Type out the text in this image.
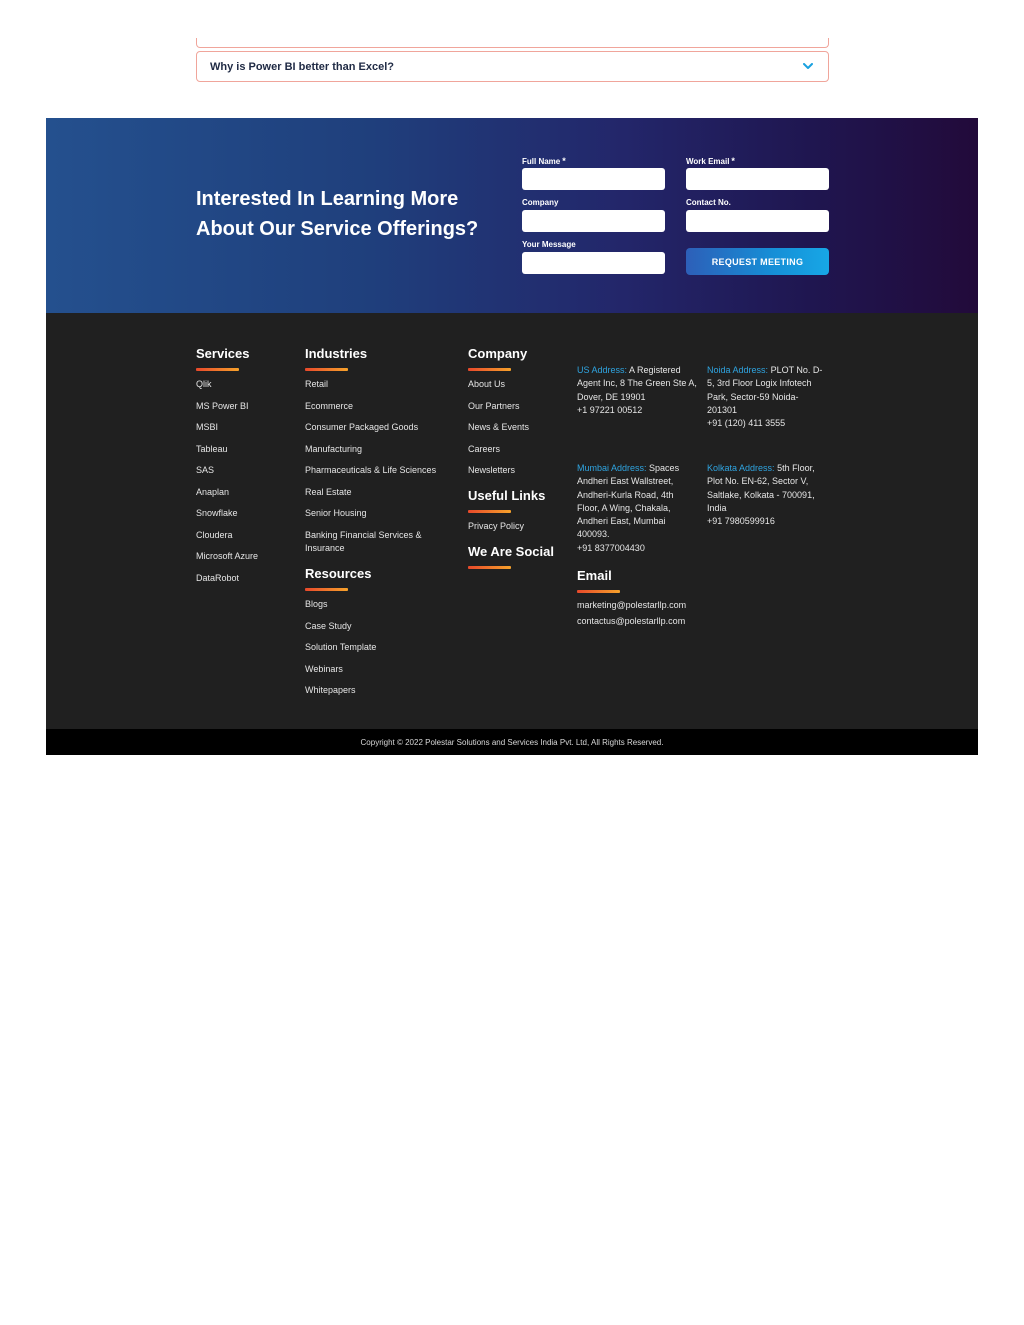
Why is Power BI better than Excel?
Interested In Learning More About Our Service Offerings?
Full Name *	Work Email *
Company	Contact No.
Your Message
REQUEST MEETING
Services
Qlik
MS Power BI
MSBI
Tableau
SAS
Anaplan
Snowflake
Cloudera
Microsoft Azure
DataRobot
Industries
Retail
Ecommerce
Consumer Packaged Goods
Manufacturing
Pharmaceuticals & Life Sciences
Real Estate
Senior Housing
Banking Financial Services & Insurance
Resources
Blogs
Case Study
Solution Template
Webinars
Whitepapers
Company
About Us
Our Partners
News & Events
Careers
Newsletters
Useful Links
Privacy Policy
We Are Social
US Address: A Registered Agent Inc, 8 The Green Ste A, Dover, DE 19901
+1 97221 00512
Noida Address: PLOT No. D-5, 3rd Floor Logix Infotech Park, Sector-59 Noida- 201301
+91 (120) 411 3555
Mumbai Address: Spaces Andheri East Wallstreet, Andheri-Kurla Road, 4th Floor, A Wing, Chakala, Andheri East, Mumbai 400093.
+91 8377004430
Kolkata Address: 5th Floor, Plot No. EN-62, Sector V, Saltlake, Kolkata - 700091, India
+91 7980599916
Email
marketing@polestarllp.com
contactus@polestarllp.com
Copyright © 2022 Polestar Solutions and Services India Pvt. Ltd, All Rights Reserved.
